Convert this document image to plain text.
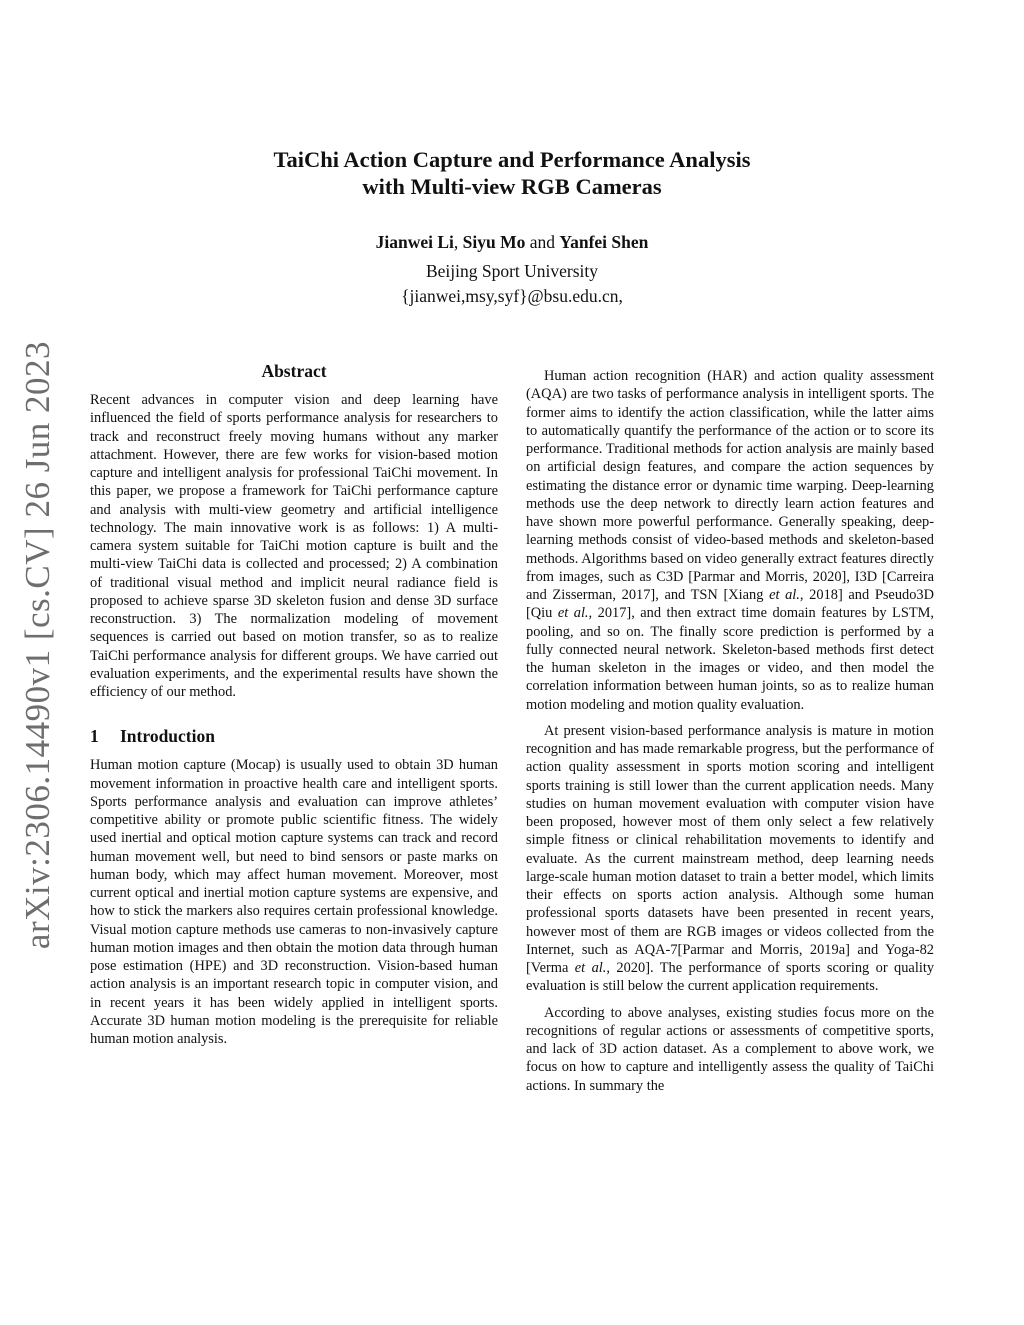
arXiv:2306.14490v1 [cs.CV] 26 Jun 2023
TaiChi Action Capture and Performance Analysis
with Multi-view RGB Cameras
Jianwei Li, Siyu Mo and Yanfei Shen
Beijing Sport University
{jianwei,msy,syf}@bsu.edu.cn,
Abstract

Recent advances in computer vision and deep learning have influenced the field of sports performance analysis for researchers to track and reconstruct freely moving humans without any marker attachment. However, there are few works for vision-based motion capture and intelligent analysis for professional TaiChi movement. In this paper, we propose a framework for TaiChi performance capture and analysis with multi-view geometry and artificial intelligence technology. The main innovative work is as follows: 1) A multi-camera system suitable for TaiChi motion capture is built and the multi-view TaiChi data is collected and processed; 2) A combination of traditional visual method and implicit neural radiance field is proposed to achieve sparse 3D skeleton fusion and dense 3D surface reconstruction. 3) The normalization modeling of movement sequences is carried out based on motion transfer, so as to realize TaiChi performance analysis for different groups. We have carried out evaluation experiments, and the experimental results have shown the efficiency of our method.

1 Introduction

Human motion capture (Mocap) is usually used to obtain 3D human movement information in proactive health care and intelligent sports. Sports performance analysis and evaluation can improve athletes’ competitive ability or promote public scientific fitness. The widely used inertial and optical motion capture systems can track and record human movement well, but need to bind sensors or paste marks on human body, which may affect human movement. Moreover, most current optical and inertial motion capture systems are expensive, and how to stick the markers also requires certain professional knowledge. Visual motion capture methods use cameras to non-invasively capture human motion images and then obtain the motion data through human pose estimation (HPE) and 3D reconstruction. Vision-based human action analysis is an important research topic in computer vision, and in recent years it has been widely applied in intelligent sports. Accurate 3D human motion modeling is the prerequisite for reliable human motion analysis.

Human action recognition (HAR) and action quality assessment (AQA) are two tasks of performance analysis in intelligent sports. The former aims to identify the action classification, while the latter aims to automatically quantify the performance of the action or to score its performance. Traditional methods for action analysis are mainly based on artificial design features, and compare the action sequences by estimating the distance error or dynamic time warping. Deep-learning methods use the deep network to directly learn action features and have shown more powerful performance. Generally speaking, deep-learning methods consist of video-based methods and skeleton-based methods. Algorithms based on video generally extract features directly from images, such as C3D [Parmar and Morris, 2020], I3D [Carreira and Zisserman, 2017], and TSN [Xiang et al., 2018] and Pseudo3D [Qiu et al., 2017], and then extract time domain features by LSTM, pooling, and so on. The finally score prediction is performed by a fully connected neural network. Skeleton-based methods first detect the human skeleton in the images or video, and then model the correlation information between human joints, so as to realize human motion modeling and motion quality evaluation.

At present vision-based performance analysis is mature in motion recognition and has made remarkable progress, but the performance of action quality assessment in sports motion scoring and intelligent sports training is still lower than the current application needs. Many studies on human movement evaluation with computer vision have been proposed, however most of them only select a few relatively simple fitness or clinical rehabilitation movements to identify and evaluate. As the current mainstream method, deep learning needs large-scale human motion dataset to train a better model, which limits their effects on sports action analysis. Although some human professional sports datasets have been presented in recent years, however most of them are RGB images or videos collected from the Internet, such as AQA-7[Parmar and Morris, 2019a] and Yoga-82 [Verma et al., 2020]. The performance of sports scoring or quality evaluation is still below the current application requirements.

According to above analyses, existing studies focus more on the recognitions of regular actions or assessments of competitive sports, and lack of 3D action dataset. As a complement to above work, we focus on how to capture and intelligently assess the quality of TaiChi actions. In summary the
